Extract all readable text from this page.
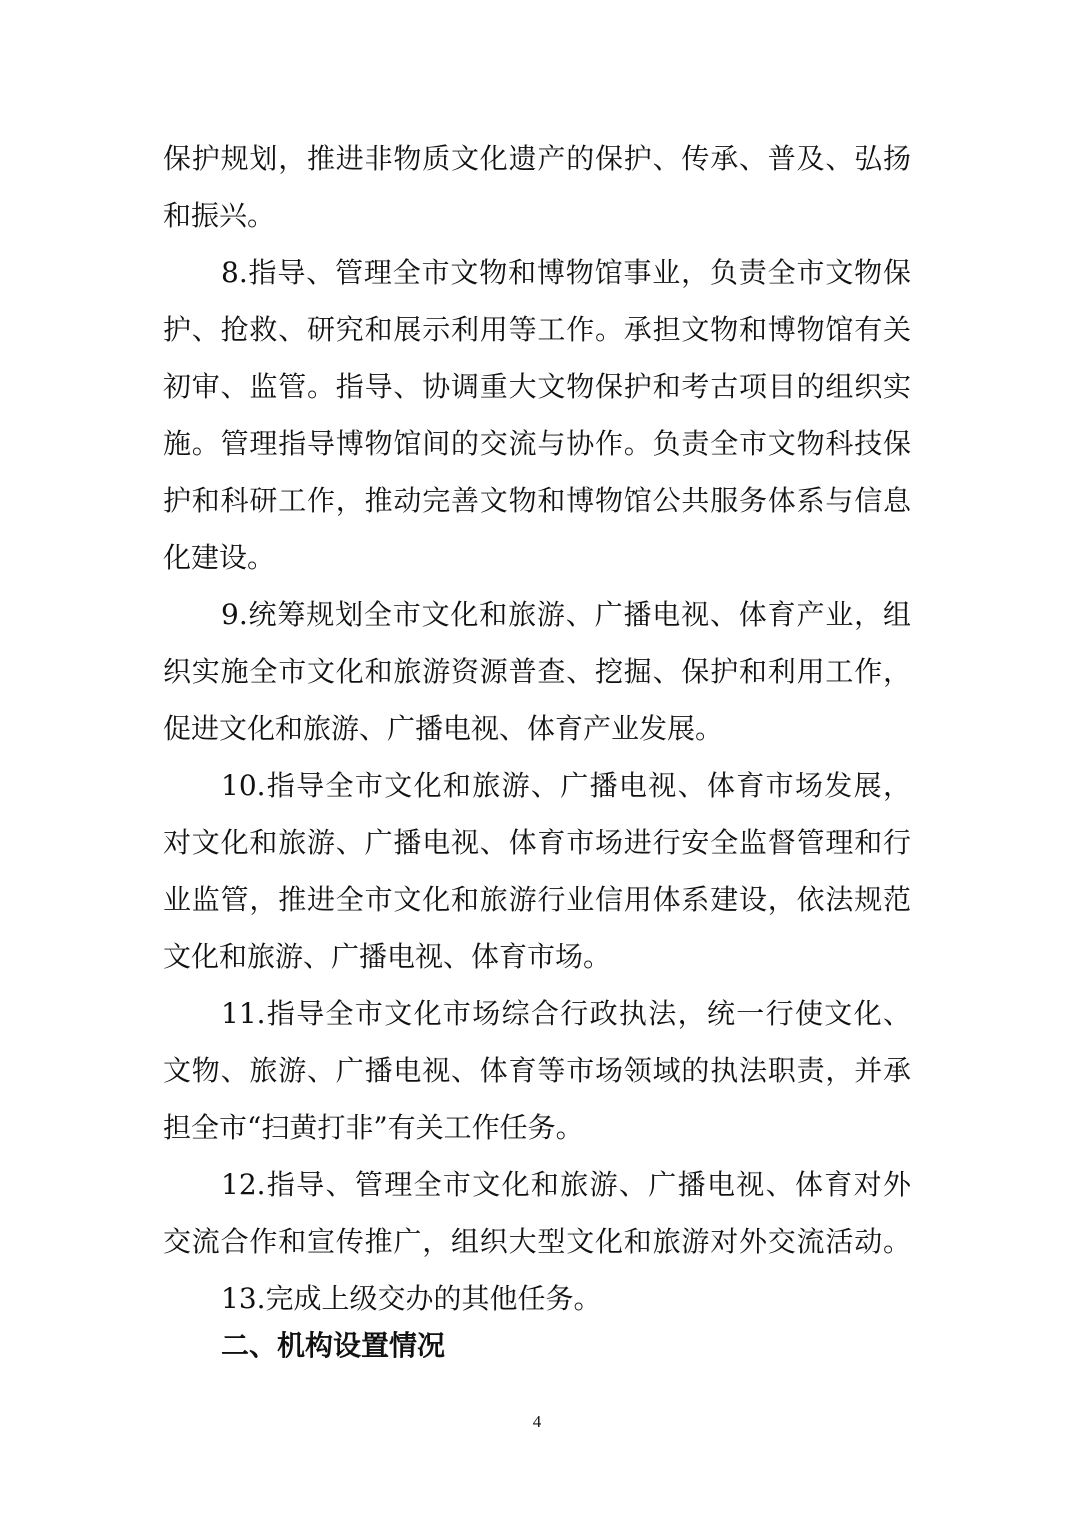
保护规划，推进非物质文化遗产的保护、传承、普及、弘扬
和振兴。
8.指导、管理全市文物和博物馆事业，负责全市文物保
护、抢救、研究和展示利用等工作。承担文物和博物馆有关
初审、监管。指导、协调重大文物保护和考古项目的组织实
施。管理指导博物馆间的交流与协作。负责全市文物科技保
护和科研工作，推动完善文物和博物馆公共服务体系与信息
化建设。
9.统筹规划全市文化和旅游、广播电视、体育产业，组
织实施全市文化和旅游资源普查、挖掘、保护和利用工作，
促进文化和旅游、广播电视、体育产业发展。
10.指导全市文化和旅游、广播电视、体育市场发展，
对文化和旅游、广播电视、体育市场进行安全监督管理和行
业监管，推进全市文化和旅游行业信用体系建设，依法规范
文化和旅游、广播电视、体育市场。
11.指导全市文化市场综合行政执法，统一行使文化、
文物、旅游、广播电视、体育等市场领域的执法职责，并承
担全市“扫黄打非”有关工作任务。
12.指导、管理全市文化和旅游、广播电视、体育对外
交流合作和宣传推广，组织大型文化和旅游对外交流活动。
13.完成上级交办的其他任务。
二、机构设置情况
4
